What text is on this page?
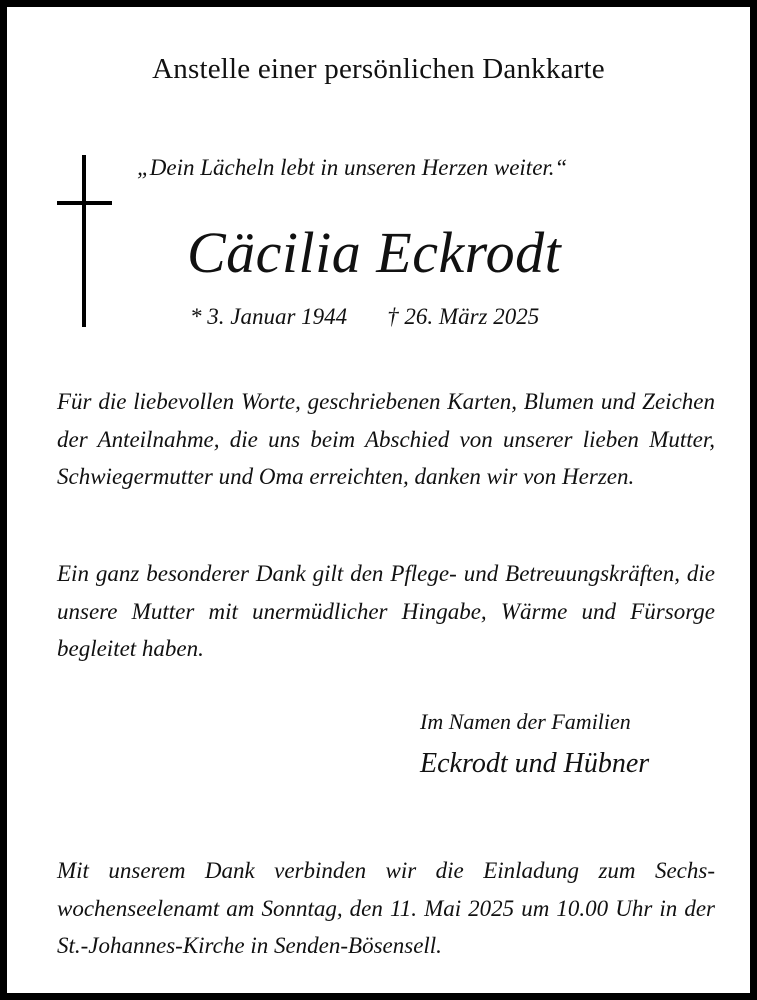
Anstelle einer persönlichen Dankkarte
„Dein Lächeln lebt in unseren Herzen weiter.“
Cäcilia Eckrodt
* 3. Januar 1944 † 26. März 2025
Für die liebevollen Worte, geschriebenen Karten, Blumen und Zeichen der Anteilnahme, die uns beim Abschied von unserer lieben Mutter, Schwiegermutter und Oma erreichten, danken wir von Herzen.
Ein ganz besonderer Dank gilt den Pflege- und Betreuungskräften, die unsere Mutter mit unermüdlicher Hingabe, Wärme und Fürsorge begleitet haben.
Im Namen der Familien
Eckrodt und Hübner
Mit unserem Dank verbinden wir die Einladung zum Sechswochenseelenamt am Sonntag, den 11. Mai 2025 um 10.00 Uhr in der St.-Johannes-Kirche in Senden-Bösensell.
